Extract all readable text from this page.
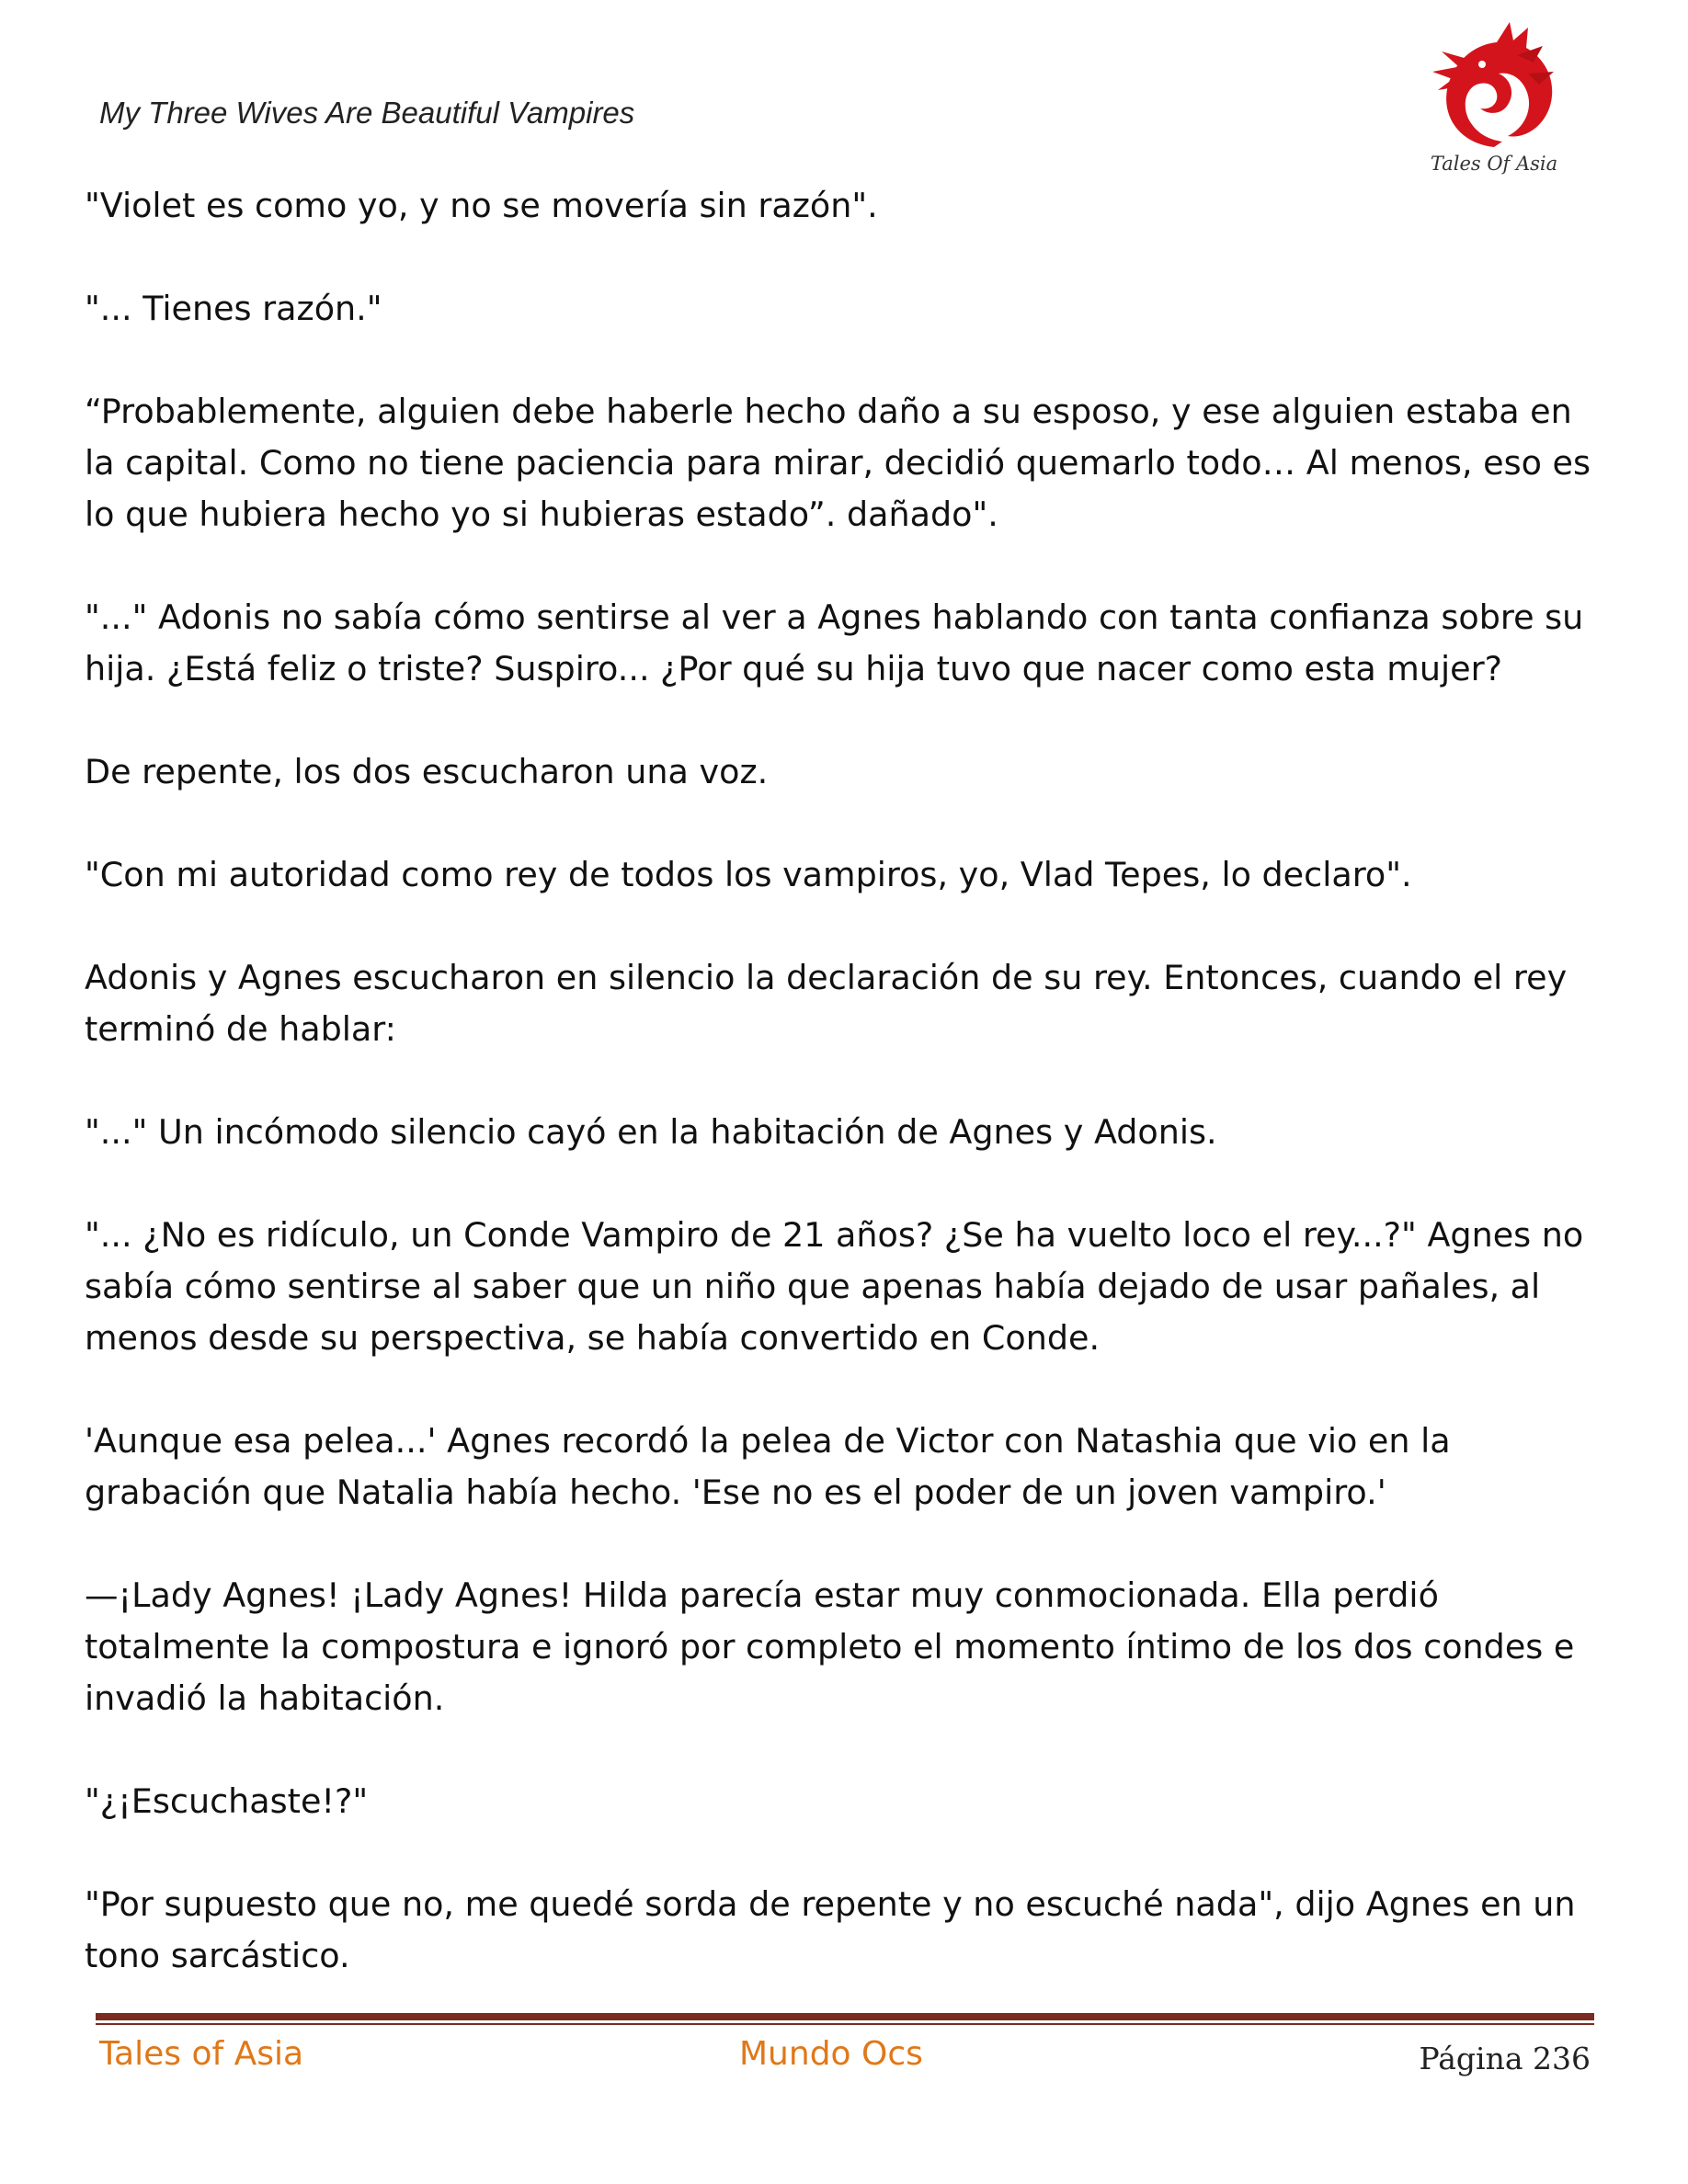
My Three Wives Are Beautiful Vampires
Tales Of Asia

"Violet es como yo, y no se movería sin razón".

"... Tienes razón."

“Probablemente, alguien debe haberle hecho daño a su esposo, y ese alguien estaba en la capital. Como no tiene paciencia para mirar, decidió quemarlo todo… Al menos, eso es lo que hubiera hecho yo si hubieras estado”. dañado".

"..." Adonis no sabía cómo sentirse al ver a Agnes hablando con tanta confianza sobre su hija. ¿Está feliz o triste? Suspiro... ¿Por qué su hija tuvo que nacer como esta mujer?

De repente, los dos escucharon una voz.

"Con mi autoridad como rey de todos los vampiros, yo, Vlad Tepes, lo declaro".

Adonis y Agnes escucharon en silencio la declaración de su rey. Entonces, cuando el rey terminó de hablar:

"..." Un incómodo silencio cayó en la habitación de Agnes y Adonis.

"... ¿No es ridículo, un Conde Vampiro de 21 años? ¿Se ha vuelto loco el rey...?" Agnes no sabía cómo sentirse al saber que un niño que apenas había dejado de usar pañales, al menos desde su perspectiva, se había convertido en Conde.

'Aunque esa pelea...' Agnes recordó la pelea de Victor con Natashia que vio en la grabación que Natalia había hecho. 'Ese no es el poder de un joven vampiro.'

—¡Lady Agnes! ¡Lady Agnes! Hilda parecía estar muy conmocionada. Ella perdió totalmente la compostura e ignoró por completo el momento íntimo de los dos condes e invadió la habitación.

"¿¡Escuchaste!?"

"Por supuesto que no, me quedé sorda de repente y no escuché nada", dijo Agnes en un tono sarcástico.

Tales of Asia	Mundo Ocs	Página 236
